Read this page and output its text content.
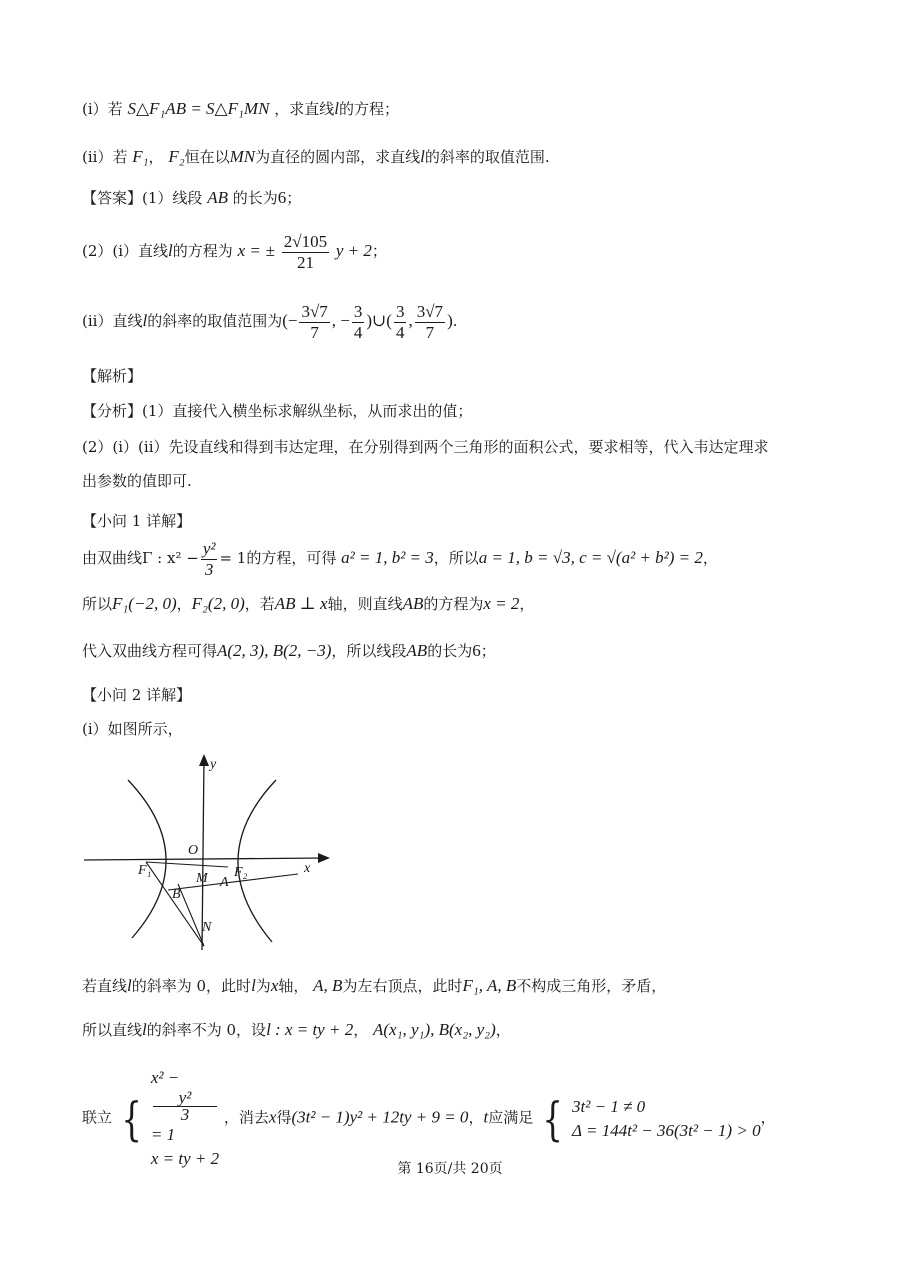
(i）若 S△F₁AB = S△F₁MN ，求直线l的方程；
(ii）若 F₁， F₂恒在以MN为直径的圆内部，求直线l的斜率的取值范围.
【答案】(1）线段 AB 的长为6；
(2）(i）直线l的方程为 x = ± $\frac{2√105}{21}$ y + 2；
(ii）直线l的斜率的取值范围为(− $\frac{3√7}{7}$ , − $\frac{3}{4}$ )∪( $\frac{3}{4}$ , $\frac{3√7}{7}$ ).
【解析】
【分析】(1）直接代入横坐标求解纵坐标，从而求出的值；
(2）(i）(ii）先设直线和得到韦达定理，在分别得到两个三角形的面积公式，要求相等，代入韦达定理求
出参数的值即可.
【小问 1 详解】
由双曲线Γ : $x^2 - \frac{\text{y²}}{3} = 1$的方程，可得 a² = 1, b² = 3，所以a = 1, b = √3, c = √(a² + b²) = 2，
所以F₁(−2, 0)，F₂(2, 0)，若AB ⊥ x轴，则直线AB的方程为x = 2，
代入双曲线方程可得A(2, 3), B(2, −3)，所以线段AB的长为6；
【小问 2 详解】
(i）如图所示，
y
x
O
F₁	F₂
M A
B
N
若直线l的斜率为 0，此时l为x轴， A, B为左右顶点，此时F₁, A, B不构成三角形，矛盾，
所以直线l的斜率不为 0，设l : x = ty + 2， A(x₁, y₁), B(x₂, y₂)，
联立 {
x² −
y²
3
= 1
x = ty + 2
，消去x得(3t² − 1)y² + 12ty + 9 = 0，t应满足 { 3t² − 1 ≠ 0
Δ = 144t² − 36(3t² − 1) > 0
，
第 16页/共 20页
